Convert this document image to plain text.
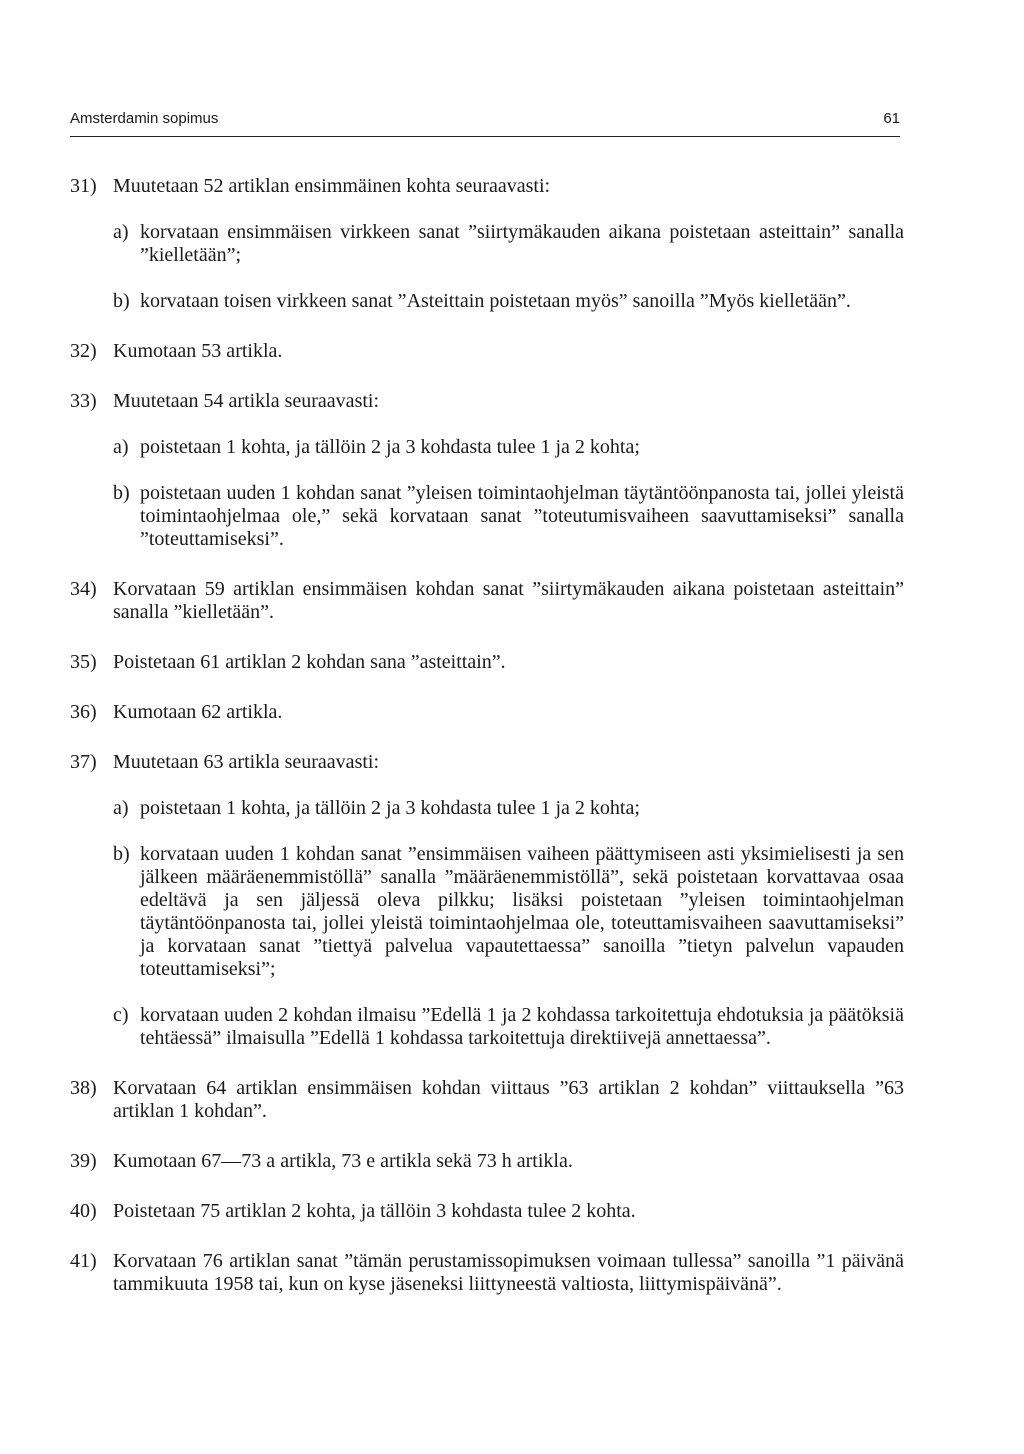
Amsterdamin sopimus	61
31) Muutetaan 52 artiklan ensimmäinen kohta seuraavasti:
a) korvataan ensimmäisen virkkeen sanat ”siirtymäkauden aikana poistetaan asteittain” sanalla ”kielletään”;
b) korvataan toisen virkkeen sanat ”Asteittain poistetaan myös” sanoilla ”Myös kielletään”.
32) Kumotaan 53 artikla.
33) Muutetaan 54 artikla seuraavasti:
a) poistetaan 1 kohta, ja tällöin 2 ja 3 kohdasta tulee 1 ja 2 kohta;
b) poistetaan uuden 1 kohdan sanat ”yleisen toimintaohjelman täytäntöönpanosta tai, jollei yleistä toimintaohjelmaa ole,” sekä korvataan sanat ”toteutumisvaiheen saavuttamiseksi” sanalla ”toteuttamiseksi”.
34) Korvataan 59 artiklan ensimmäisen kohdan sanat ”siirtymäkauden aikana poistetaan asteittain” sanalla ”kielletään”.
35) Poistetaan 61 artiklan 2 kohdan sana ”asteittain”.
36) Kumotaan 62 artikla.
37) Muutetaan 63 artikla seuraavasti:
a) poistetaan 1 kohta, ja tällöin 2 ja 3 kohdasta tulee 1 ja 2 kohta;
b) korvataan uuden 1 kohdan sanat ”ensimmäisen vaiheen päättymiseen asti yksimielisesti ja sen jälkeen määräenemmistöllä” sanalla ”määräenemmistöllä”, sekä poistetaan korvattavaa osaa edeltävä ja sen jäljessä oleva pilkku; lisäksi poistetaan ”yleisen toimintaohjelman täytäntöönpanosta tai, jollei yleistä toimintaohjelmaa ole, toteuttamisvaiheen saavuttamiseksi” ja korvataan sanat ”tiettyä palvelua vapautettaessa” sanoilla ”tietyn palvelun vapauden toteuttamiseksi”;
c) korvataan uuden 2 kohdan ilmaisu ”Edellä 1 ja 2 kohdassa tarkoitettuja ehdotuksia ja päätöksiä tehtäessä” ilmaisulla ”Edellä 1 kohdassa tarkoitettuja direktiivejä annettaessa”.
38) Korvataan 64 artiklan ensimmäisen kohdan viittaus ”63 artiklan 2 kohdan” viittauksella ”63 artiklan 1 kohdan”.
39) Kumotaan 67—73 a artikla, 73 e artikla sekä 73 h artikla.
40) Poistetaan 75 artiklan 2 kohta, ja tällöin 3 kohdasta tulee 2 kohta.
41) Korvataan 76 artiklan sanat ”tämän perustamissopimuksen voimaan tullessa” sanoilla ”1 päivänä tammikuuta 1958 tai, kun on kyse jäseneksi liittyneestä valtiosta, liittymispäivänä”.
